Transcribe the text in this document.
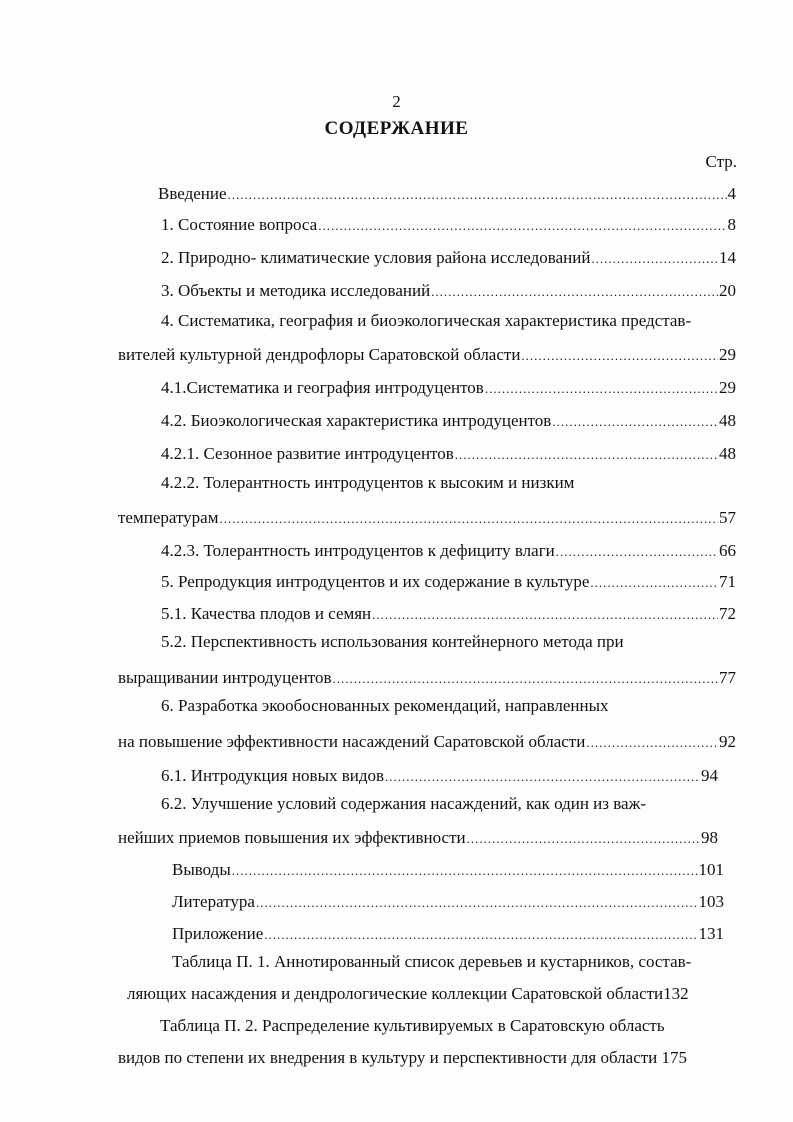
2
СОДЕРЖАНИЕ
Стр.
Введение .....	4
1. Состояние вопроса .....	8
2. Природно- климатические условия района исследований .....	14
3. Объекты и методика исследований .....	20
4. Систематика, география и биоэкологическая характеристика представ-
вителей культурной дендрофлоры Саратовской области .....	29
4.1.Систематика и география интродуцентов .....	29
4.2. Биоэкологическая характеристика интродуцентов .....	48
4.2.1. Сезонное развитие интродуцентов .....	48
4.2.2. Толерантность интродуцентов к высоким и низким
температурам .....	57
4.2.3. Толерантность интродуцентов к дефициту влаги .....	66
5. Репродукция интродуцентов и их содержание в культуре .....	71
5.1. Качества плодов и семян .....	72
5.2. Перспективность использования контейнерного метода при
выращивании интродуцентов .....	77
6. Разработка экообоснованных рекомендаций, направленных
на повышение эффективности насаждений Саратовской области .....	92
6.1. Интродукция новых видов .....	94
6.2. Улучшение условий содержания насаждений, как один из важ-
нейших приемов повышения их эффективности .....	98
Выводы .....	101
Литература .....	103
Приложение .....	131
Таблица П. 1. Аннотированный список деревьев и кустарников, состав-
ляющих насаждения и дендрологические коллекции Саратовской области132
Таблица П. 2. Распределение культивируемых в Саратовскую область
видов по степени их внедрения в культуру и перспективности для области 175
